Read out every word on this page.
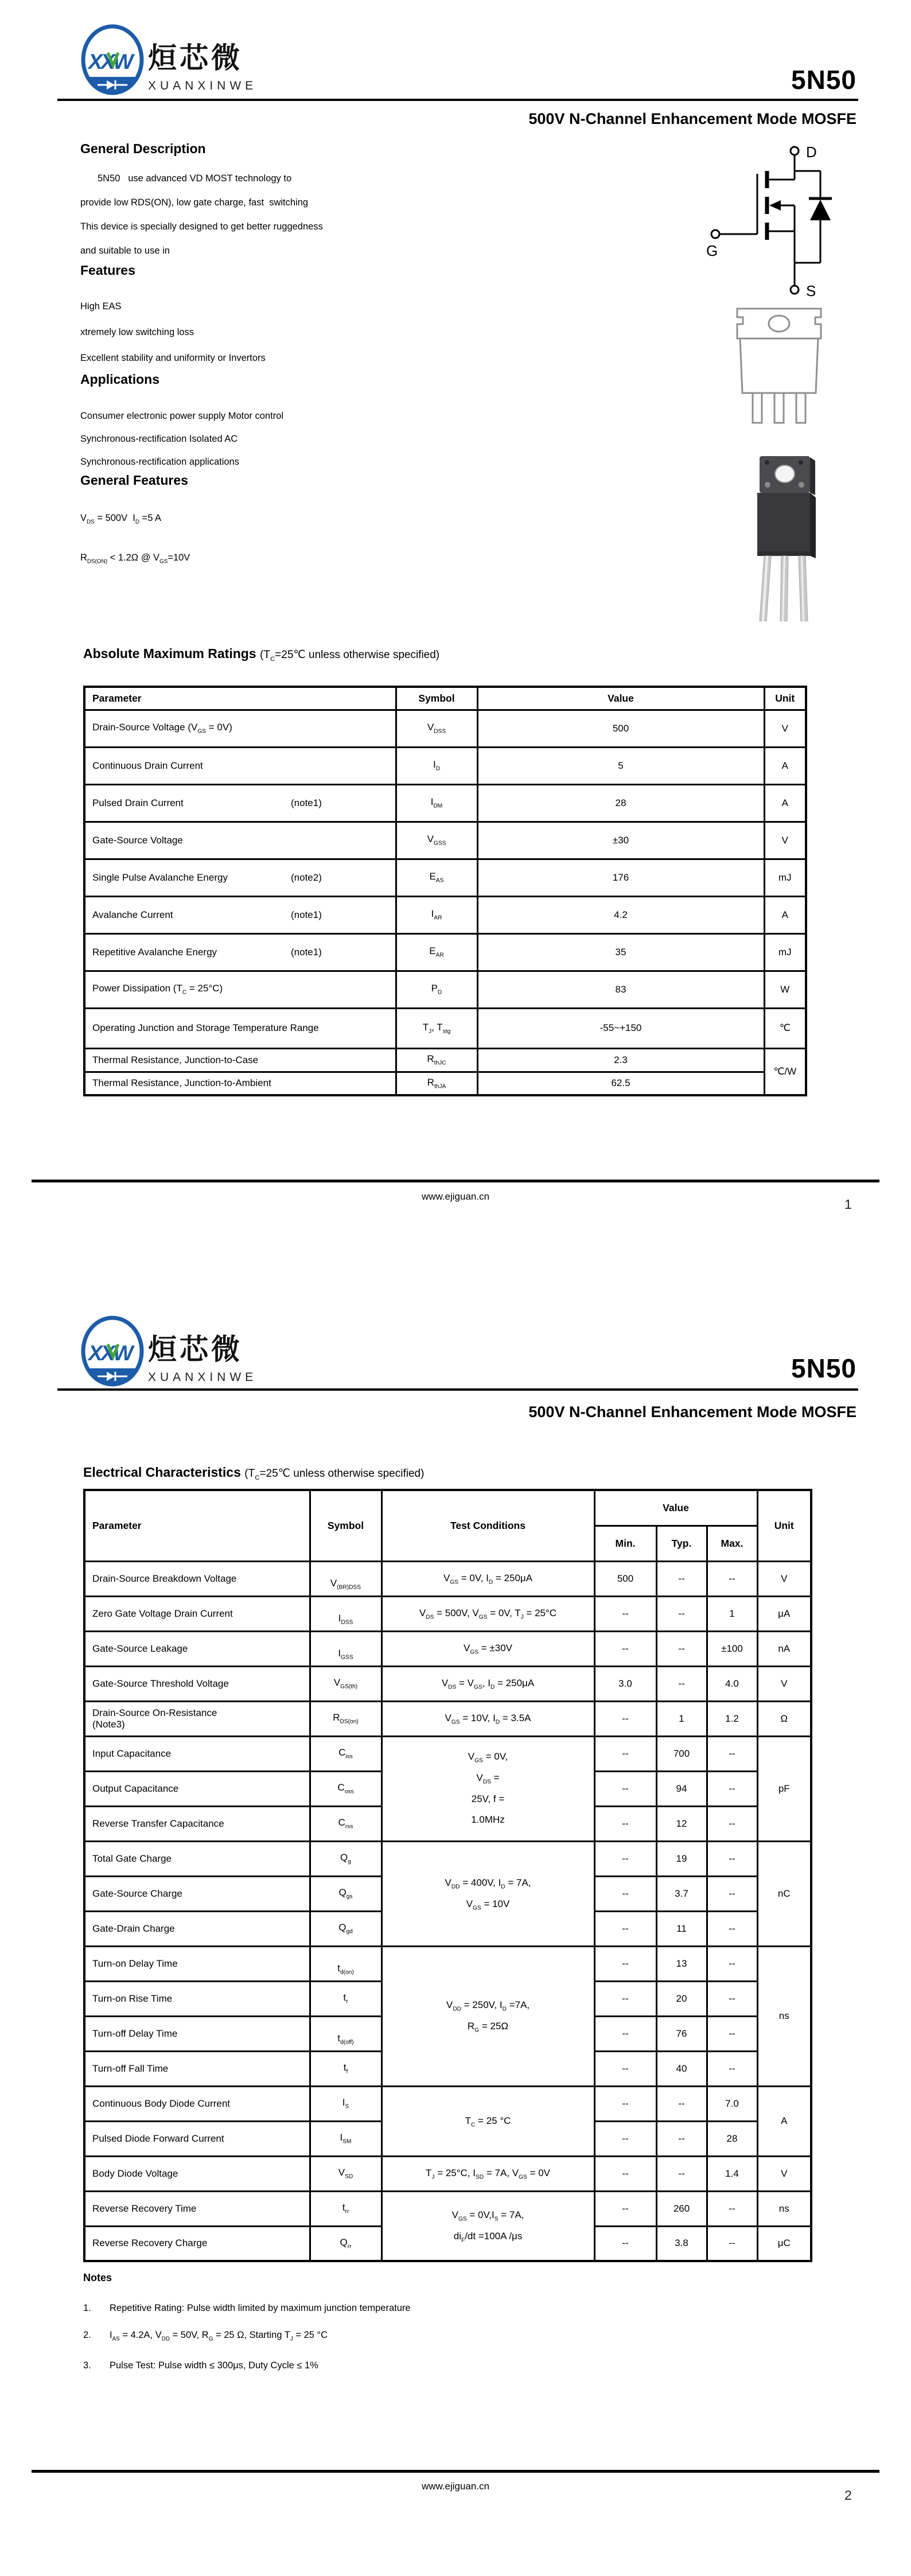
XXW 烜芯微
XUANXINWEI	5N50
500V N-Channel Enhancement Mode MOSFE
General Description
5N50   use advanced VD MOST technology to
provide low RDS(ON), low gate charge, fast  switching
This device is specially designed to get better ruggedness
and suitable to use in
Features
High EAS
xtremely low switching loss
Excellent stability and uniformity or Invertors
Applications
Consumer electronic power supply Motor control
Synchronous-rectification Isolated AC
Synchronous-rectification applications
General Features
$V_{DS} = 500V$  $I_D =5$ A
$R_{DS(ON)} < 1.2\Omega$ @ $V_{GS}=10V$
D
G
S
Absolute Maximum Ratings ($T_C=25℃$ unless otherwise specified)
Parameter	Symbol	Value	Unit
Drain-Source Voltage $(V_{GS} = 0V)$	$V_{DSS}$	500	V
Continuous Drain Current	$I_D$	5	A
Pulsed Drain Current (note1)	$I_{DM}$	28	A
Gate-Source Voltage	$V_{GSS}$	±30	V
Single Pulse Avalanche Energy (note2)	$E_{AS}$	176	mJ
Avalanche Current (note1)	$I_{AR}$	4.2	A
Repetitive Avalanche Energy (note1)	$E_{AR}$	35	mJ
Power Dissipation $(T_C = 25^\circ C)$	$P_D$	83	W
Operating Junction and Storage Temperature Range	$T_J$, $T_{stg}$	-55~+150	℃
Thermal Resistance, Junction-to-Case	$R_{thJC}$	2.3	℃/W
Thermal Resistance, Junction-to-Ambient	$R_{thJA}$	62.5	
www.ejiguan.cn
1
XXW 烜芯微
XUANXINWEI	5N50
500V N-Channel Enhancement Mode MOSFE
Electrical Characteristics ($T_C=25℃$ unless otherwise specified)
Parameter	Symbol	Test Conditions	Value			Unit
			Min.	Typ.	Max.	
Drain-Source Breakdown Voltage	$V_{(BR)DSS}$	$V_{GS} = 0V$, $I_D = 250\mu A$	500	--	--	V
Zero Gate Voltage Drain Current	$I_{DSS}$	$V_{DS} = 500V$, $V_{GS} = 0V$, $T_J = 25^\circ C$	--	--	1	μA
Gate-Source Leakage	$I_{GSS}$	$V_{GS} = \pm 30V$	--	--	±100	nA
Gate-Source Threshold Voltage	$V_{GS(th)}$	$V_{DS} = V_{GS}$, $I_D = 250\mu A$	3.0	--	4.0	V
Drain-Source On-Resistance
(Note3)	$R_{DS(on)}$	$V_{GS} = 10V$, $I_D = 3.5A$	--	1	1.2	Ω
Input Capacitance	$C_{iss}$	$V_{GS} = 0V$,
$V_{DS}$ =
25V, f =
1.0MHz	--	700	--	pF
Output Capacitance	$C_{oss}$		--	94	--	
Reverse Transfer Capacitance	$C_{rss}$		--	12	--	
Total Gate Charge	$Q_g$	$V_{DD} = 400V$, $I_D = 7A$,
$V_{GS} = 10V$	--	19	--	nC
Gate-Source Charge	$Q_{gs}$		--	3.7	--	
Gate-Drain Charge	$Q_{gd}$		--	11	--	
Turn-on Delay Time	$t_{d(on)}$	$V_{DD} = 250V$, $I_D =7A$,
$R_G = 25\Omega$	--	13	--	ns
Turn-on Rise Time	$t_r$		--	20	--	
Turn-off Delay Time	$t_{d(off)}$		--	76	--	
Turn-off Fall Time	$t_f$		--	40	--	
Continuous Body Diode Current	$I_S$	$T_C = 25$ °C	--	--	7.0	A
Pulsed Diode Forward Current	$I_{SM}$		--	--	28	
Body Diode Voltage	$V_{SD}$	$T_J = 25^\circ C$, $I_{SD} = 7A$, $V_{GS} = 0V$	--	--	1.4	V
Reverse Recovery Time	$t_{rr}$	$V_{GS} = 0V,I_S = 7A$,
$di_F/dt =100A$ /μs	--	260	--	ns
Reverse Recovery Charge	$Q_{rr}$		--	3.8	--	μC
Notes
1. Repetitive Rating: Pulse width limited by maximum junction temperature
2. $I_{AS} = 4.2A$, $V_{DD} = 50V$, $R_G = 25$ Ω, Starting $T_J = 25$ °C
3. Pulse Test: Pulse width ≤ 300μs, Duty Cycle ≤ 1%
www.ejiguan.cn
2
